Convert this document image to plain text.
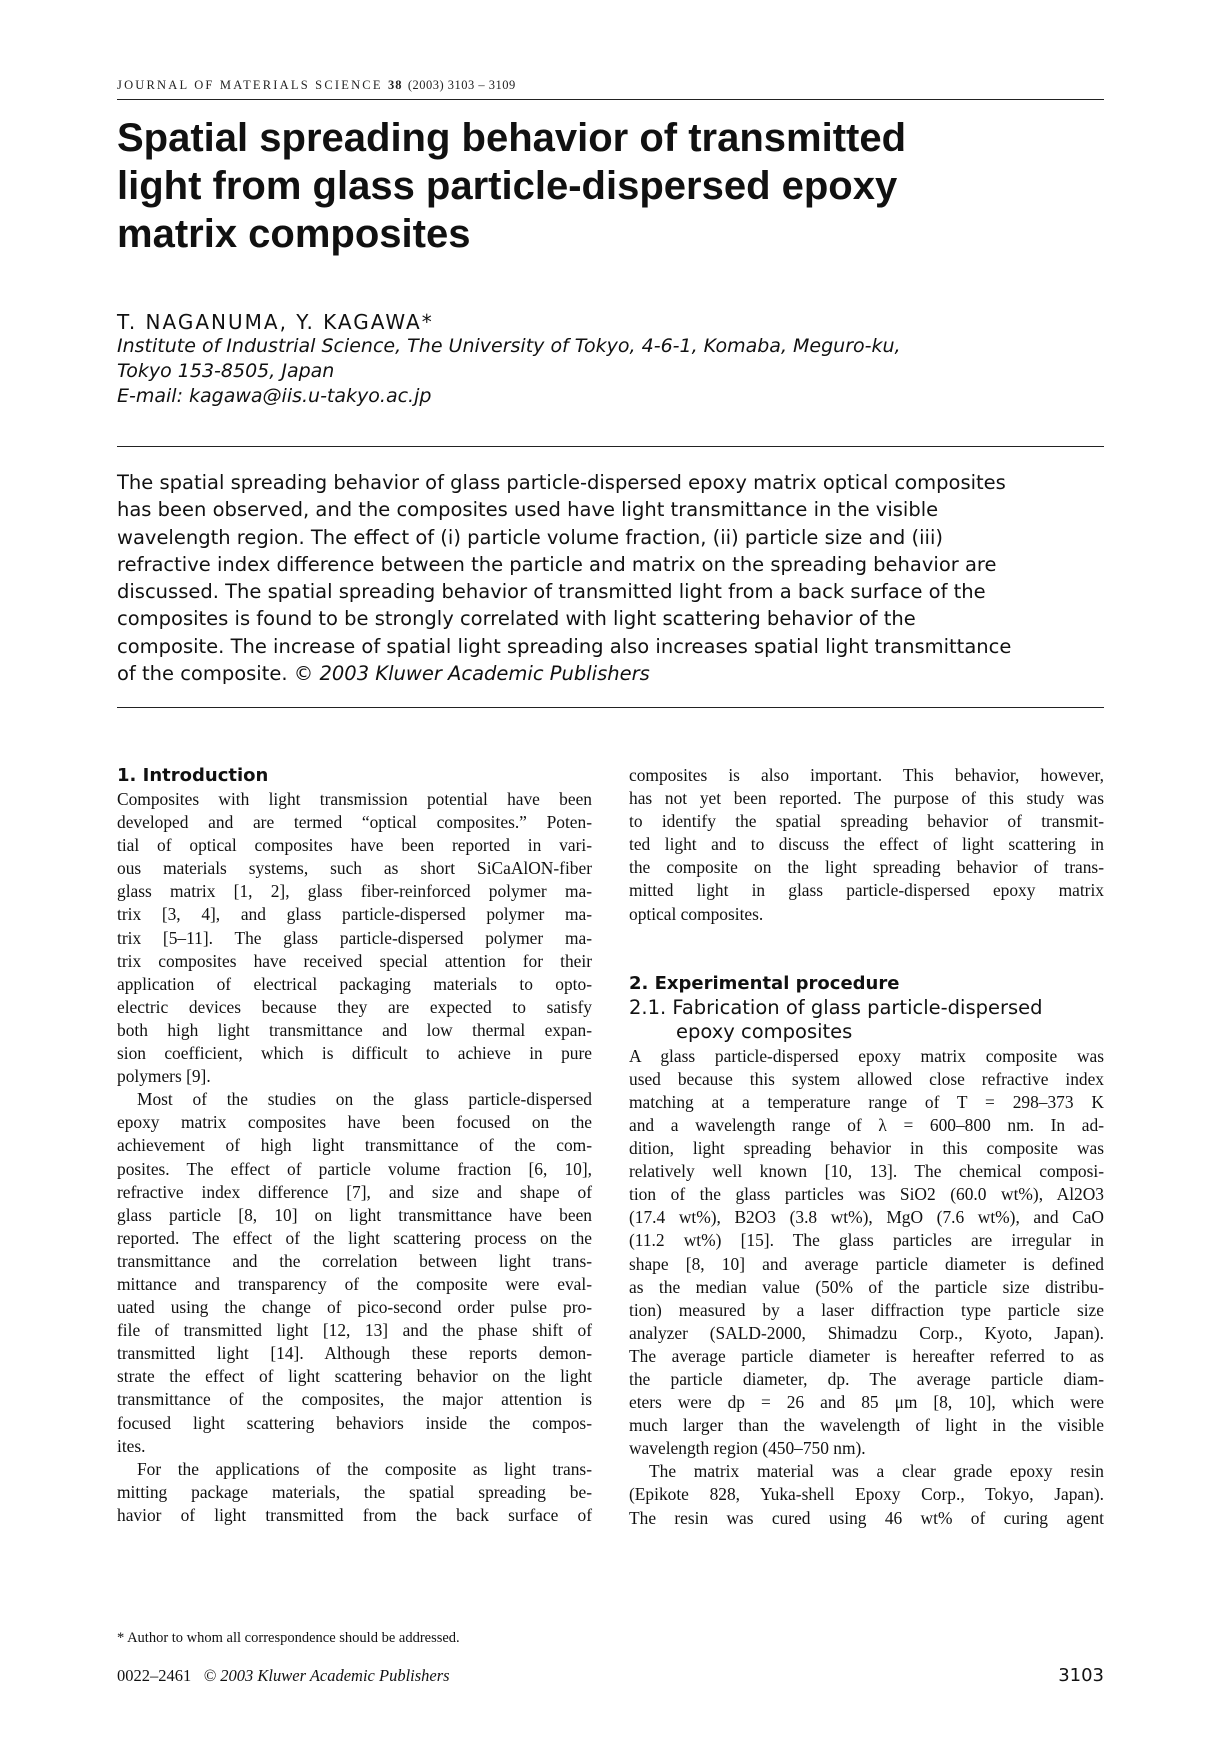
JOURNAL OF MATERIALS SCIENCE 38 (2003) 3103 – 3109
Spatial spreading behavior of transmitted
light from glass particle-dispersed epoxy
matrix composites
T. NAGANUMA, Y. KAGAWA*
Institute of Industrial Science, The University of Tokyo, 4-6-1, Komaba, Meguro-ku,
Tokyo 153-8505, Japan
E-mail: kagawa@iis.u-takyo.ac.jp
The spatial spreading behavior of glass particle-dispersed epoxy matrix optical composites
has been observed, and the composites used have light transmittance in the visible
wavelength region. The effect of (i) particle volume fraction, (ii) particle size and (iii)
refractive index difference between the particle and matrix on the spreading behavior are
discussed. The spatial spreading behavior of transmitted light from a back surface of the
composites is found to be strongly correlated with light scattering behavior of the
composite. The increase of spatial light spreading also increases spatial light transmittance
of the composite. © 2003 Kluwer Academic Publishers
1. Introduction
Composites with light transmission potential have been
developed and are termed “optical composites.” Poten-
tial of optical composites have been reported in vari-
ous materials systems, such as short SiCaAlON-fiber
glass matrix [1, 2], glass fiber-reinforced polymer ma-
trix [3, 4], and glass particle-dispersed polymer ma-
trix [5–11]. The glass particle-dispersed polymer ma-
trix composites have received special attention for their
application of electrical packaging materials to opto-
electric devices because they are expected to satisfy
both high light transmittance and low thermal expan-
sion coefficient, which is difficult to achieve in pure
polymers [9].
Most of the studies on the glass particle-dispersed
epoxy matrix composites have been focused on the
achievement of high light transmittance of the com-
posites. The effect of particle volume fraction [6, 10],
refractive index difference [7], and size and shape of
glass particle [8, 10] on light transmittance have been
reported. The effect of the light scattering process on the
transmittance and the correlation between light trans-
mittance and transparency of the composite were eval-
uated using the change of pico-second order pulse pro-
file of transmitted light [12, 13] and the phase shift of
transmitted light [14]. Although these reports demon-
strate the effect of light scattering behavior on the light
transmittance of the composites, the major attention is
focused light scattering behaviors inside the compos-
ites.
For the applications of the composite as light trans-
mitting package materials, the spatial spreading be-
havior of light transmitted from the back surface of
composites is also important. This behavior, however,
has not yet been reported. The purpose of this study was
to identify the spatial spreading behavior of transmit-
ted light and to discuss the effect of light scattering in
the composite on the light spreading behavior of trans-
mitted light in glass particle-dispersed epoxy matrix
optical composites.
2. Experimental procedure
2.1. Fabrication of glass particle-dispersed
epoxy composites
A glass particle-dispersed epoxy matrix composite was
used because this system allowed close refractive index
matching at a temperature range of T = 298–373 K
and a wavelength range of λ = 600–800 nm. In ad-
dition, light spreading behavior in this composite was
relatively well known [10, 13]. The chemical composi-
tion of the glass particles was SiO2 (60.0 wt%), Al2O3
(17.4 wt%), B2O3 (3.8 wt%), MgO (7.6 wt%), and CaO
(11.2 wt%) [15]. The glass particles are irregular in
shape [8, 10] and average particle diameter is defined
as the median value (50% of the particle size distribu-
tion) measured by a laser diffraction type particle size
analyzer (SALD-2000, Shimadzu Corp., Kyoto, Japan).
The average particle diameter is hereafter referred to as
the particle diameter, dp. The average particle diam-
eters were dp = 26 and 85 μm [8, 10], which were
much larger than the wavelength of light in the visible
wavelength region (450–750 nm).
The matrix material was a clear grade epoxy resin
(Epikote 828, Yuka-shell Epoxy Corp., Tokyo, Japan).
The resin was cured using 46 wt% of curing agent
* Author to whom all correspondence should be addressed.
0022–2461 © 2003 Kluwer Academic Publishers	3103
